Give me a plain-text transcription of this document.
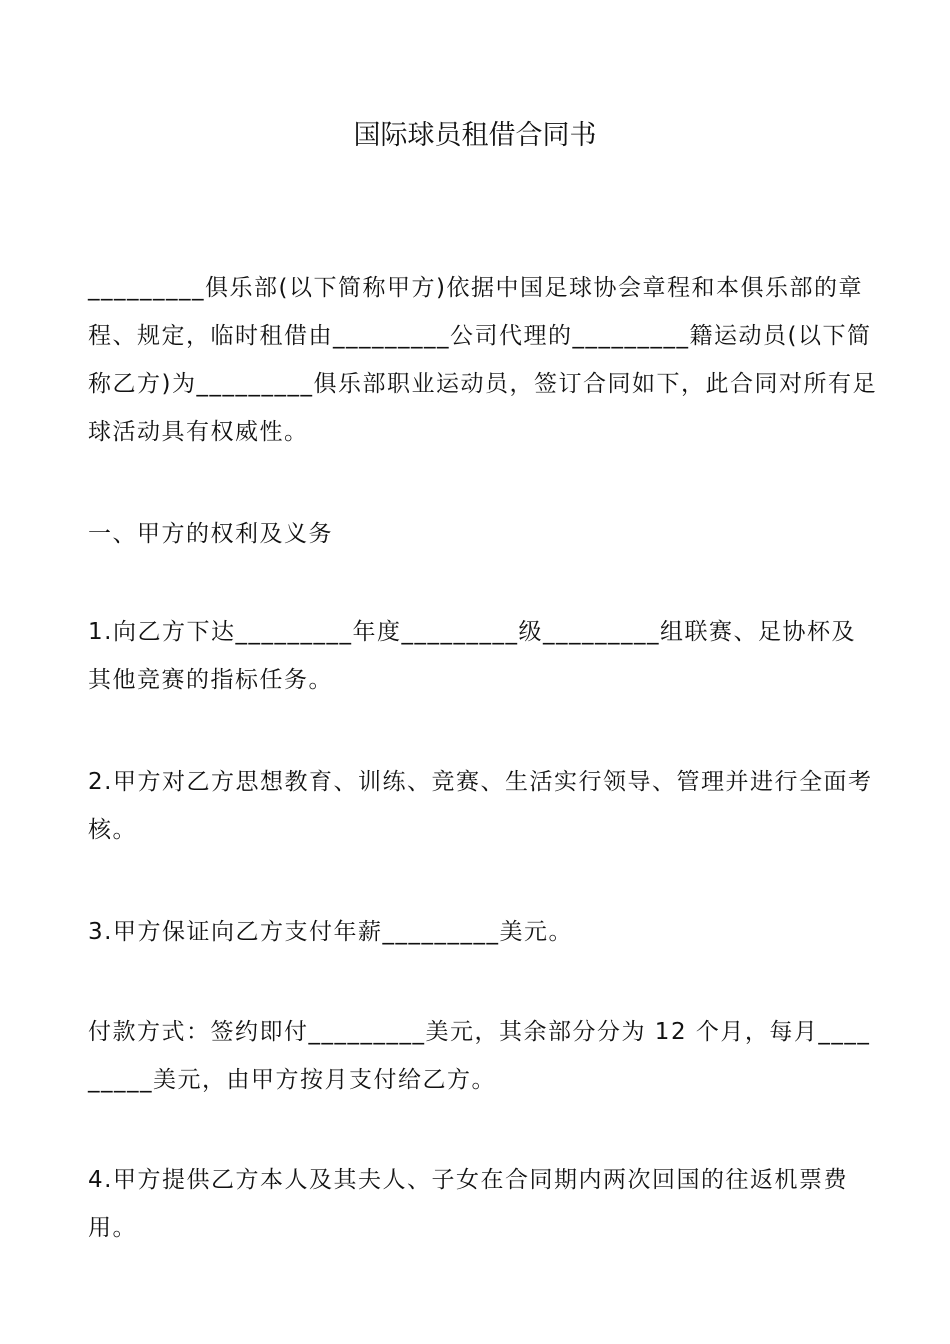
国际球员租借合同书

_________俱乐部(以下简称甲方)依据中国足球协会章程和本俱乐部的章程、规定，临时租借由_________公司代理的_________籍运动员(以下简称乙方)为_________俱乐部职业运动员，签订合同如下，此合同对所有足球活动具有权威性。

一、甲方的权利及义务

1.向乙方下达_________年度_________级_________组联赛、足协杯及其他竞赛的指标任务。

2.甲方对乙方思想教育、训练、竞赛、生活实行领导、管理并进行全面考核。

3.甲方保证向乙方支付年薪_________美元。

付款方式：签约即付_________美元，其余部分分为 12 个月，每月_________美元，由甲方按月支付给乙方。

4.甲方提供乙方本人及其夫人、子女在合同期内两次回国的往返机票费用。
